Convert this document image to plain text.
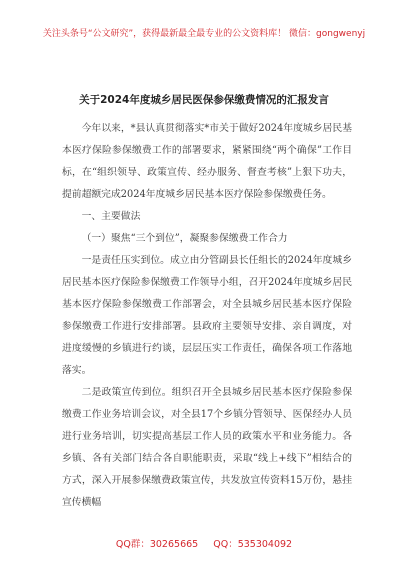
关注头条号“公文研究”，获得最新最全最专业的公文资料库！ 微信：gongwenyj
关于2024年度城乡居民医保参保缴费情况的汇报发言

今年以来，*县认真贯彻落实*市关于做好2024年度城乡居民基本医疗保险参保缴费工作的部署要求，紧紧围绕“两个确保”工作目标，在“组织领导、政策宣传、经办服务、督查考核”上狠下功夫，提前超额完成2024年度城乡居民基本医疗保险参保缴费任务。

一、主要做法

（一）聚焦“三个到位”，凝聚参保缴费工作合力

一是责任压实到位。成立由分管副县长任组长的2024年度城乡居民基本医疗保险参保缴费工作领导小组，召开2024年度城乡居民基本医疗保险参保缴费工作部署会，对全县城乡居民基本医疗保险参保缴费工作进行安排部署。县政府主要领导安排、亲自调度，对进度缓慢的乡镇进行约谈，层层压实工作责任，确保各项工作落地落实。

二是政策宣传到位。组织召开全县城乡居民基本医疗保险参保缴费工作业务培训会议，对全县17个乡镇分管领导、医保经办人员进行业务培训，切实提高基层工作人员的政策水平和业务能力。各乡镇、各有关部门结合各自职能职责，采取“线上+线下”相结合的方式，深入开展参保缴费政策宣传，共发放宣传资料15万份，悬挂宣传横幅

QQ群：30265665 QQ：535304092
